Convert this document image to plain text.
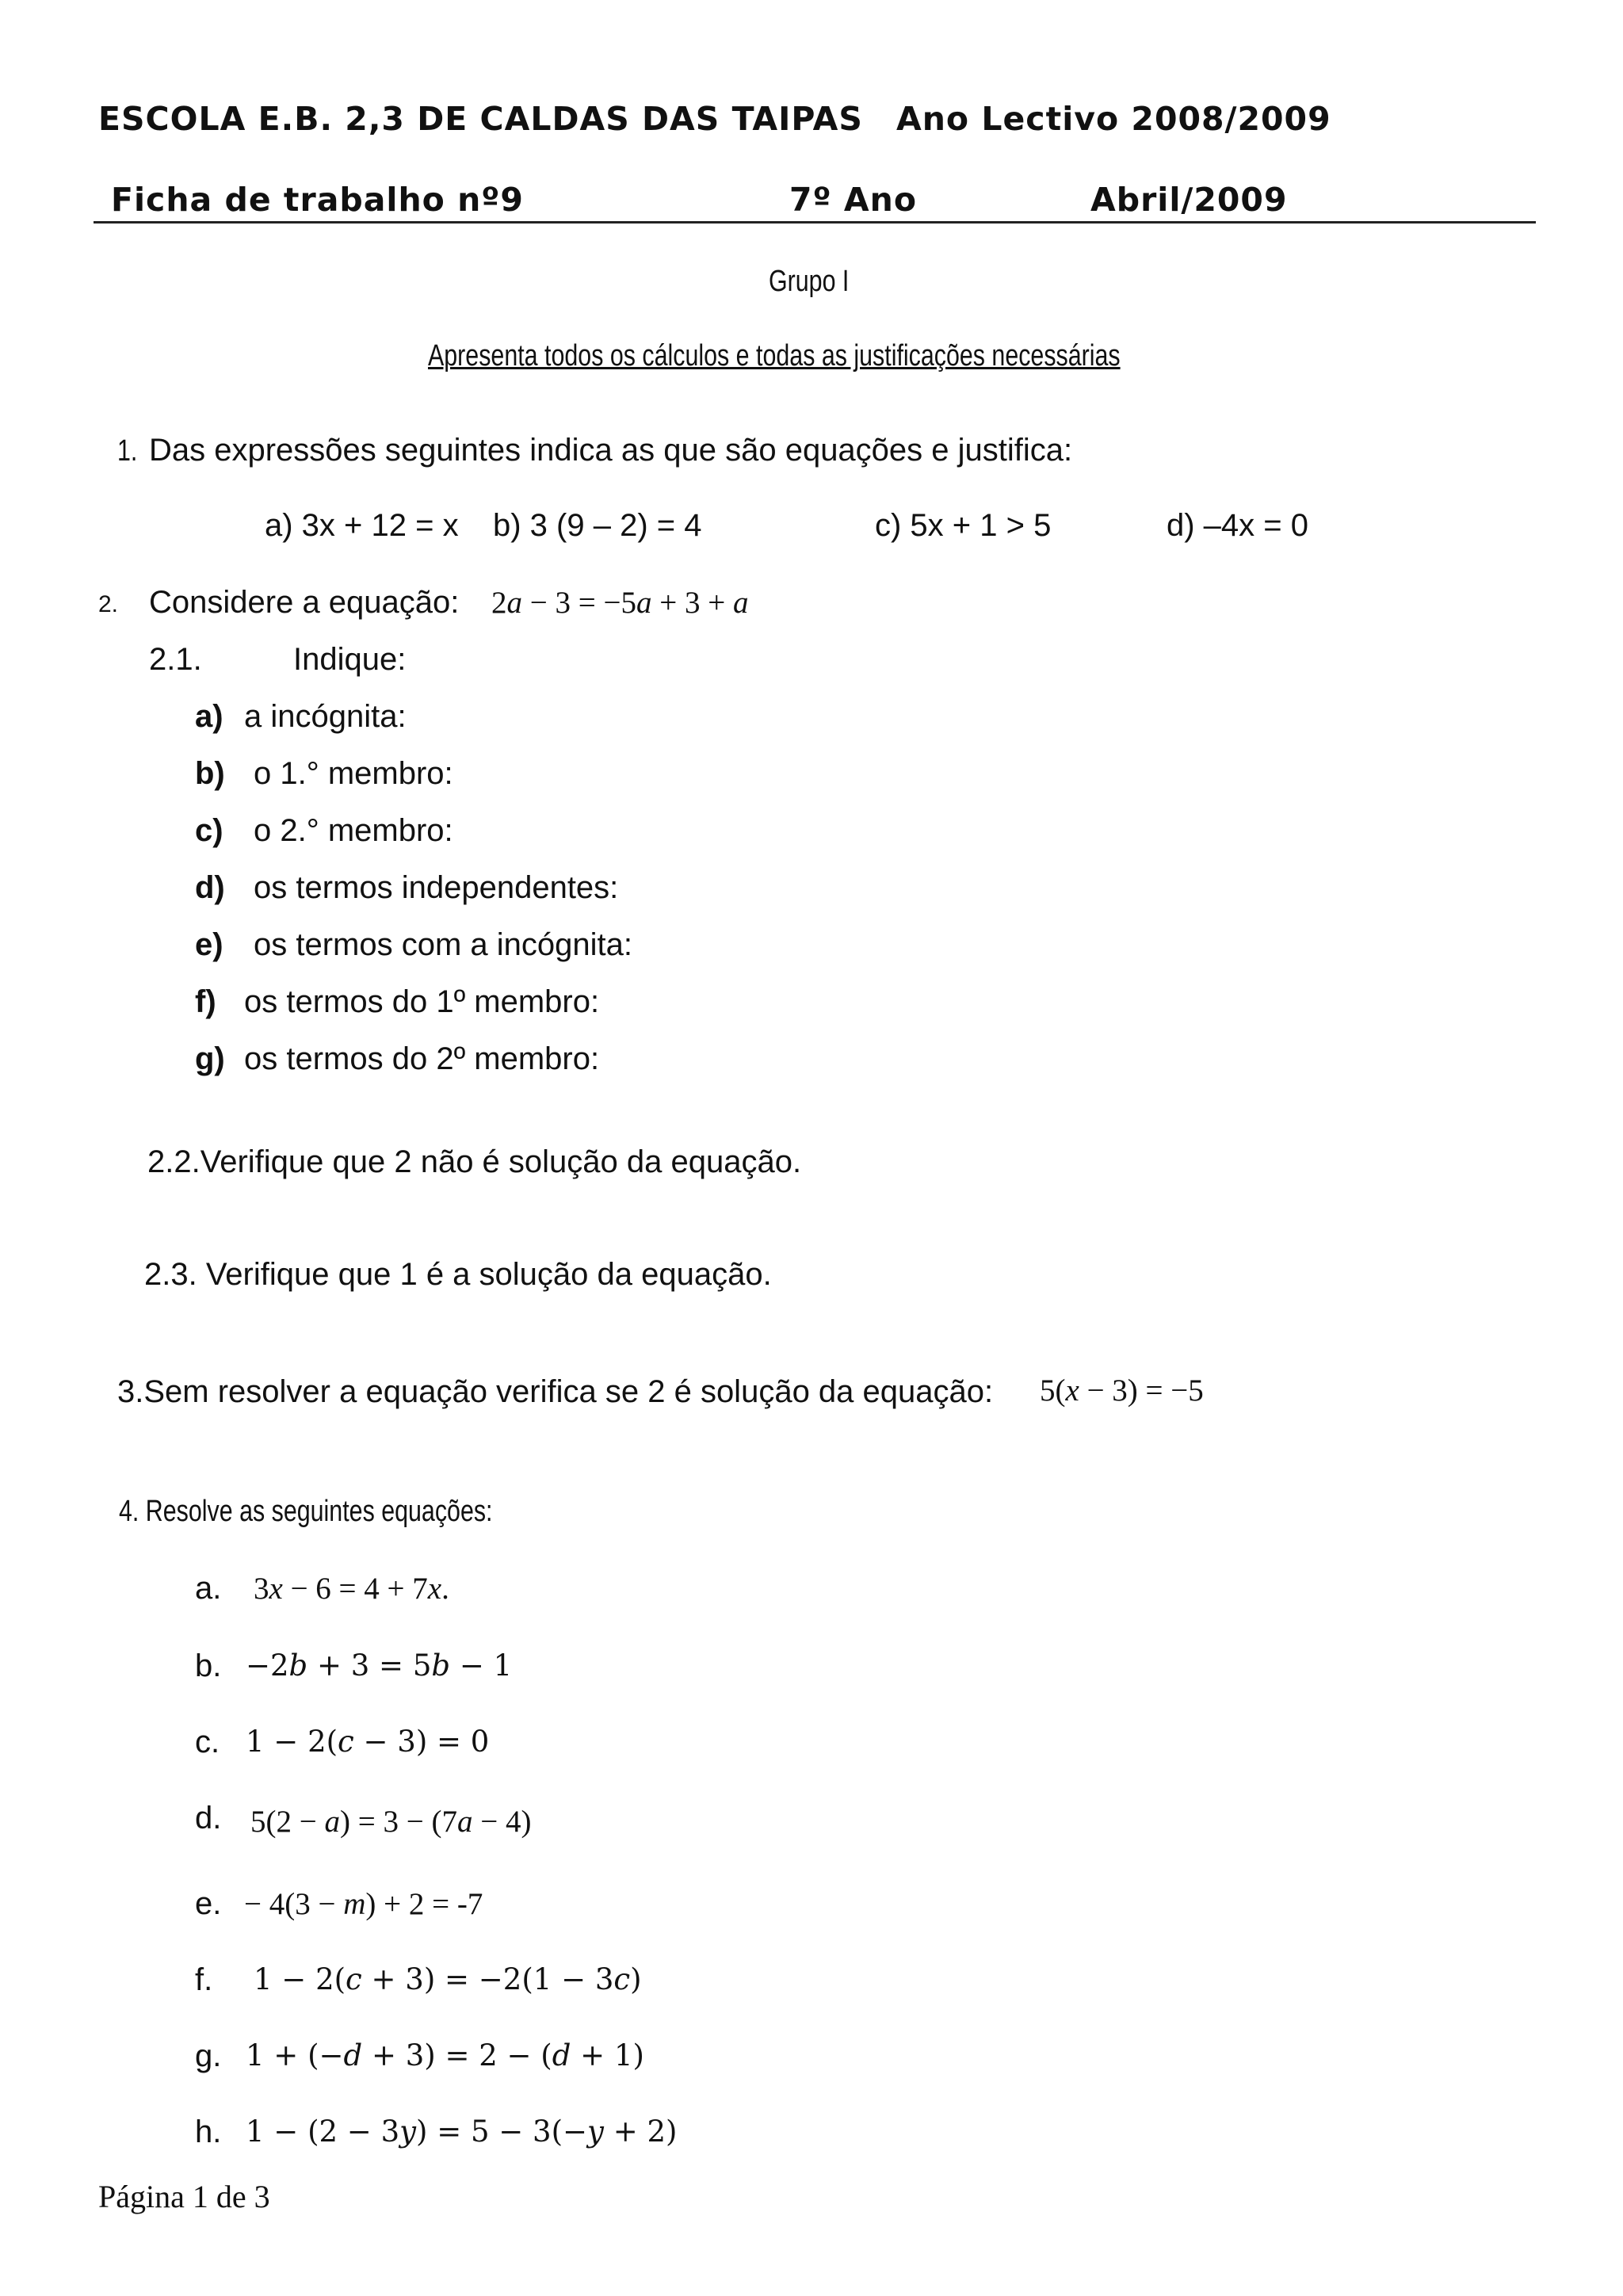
ESCOLA E.B. 2,3 DE CALDAS DAS TAIPAS Ano Lectivo 2008/2009
Ficha de trabalho nº9	7º Ano	Abril/2009
Grupo I
Apresenta todos os cálculos e todas as justificações necessárias
1. Das expressões seguintes indica as que são equações e justifica:
a) 3x + 12 = x b) 3 (9 – 2) = 4	c) 5x + 1 > 5	d) –4x = 0
2. Considere a equação: 2a − 3 = −5a + 3 + a
2.1.	Indique:
a) a incógnita:
b) o 1.° membro:
c) o 2.° membro:
d) os termos independentes:
e) os termos com a incógnita:
f) os termos do 1º membro:
g) os termos do 2º membro:
2.2.Verifique que 2 não é solução da equação.
2.3. Verifique que 1 é a solução da equação.
3.Sem resolver a equação verifica se 2 é solução da equação: 5(x − 3) = −5
4. Resolve as seguintes equações:
a. 3x − 6 = 4 + 7x.
b. −2b + 3 = 5b − 1
c. 1 − 2(c − 3) = 0
d. 5(2 − a) = 3 − (7a − 4)
e. − 4(3 − m) + 2 = -7
f. 1 − 2(c + 3) = −2(1 − 3c)
g. 1 + (−d + 3) = 2 − (d + 1)
h. 1 − (2 − 3y) = 5 − 3(−y + 2)
Página 1 de 3
